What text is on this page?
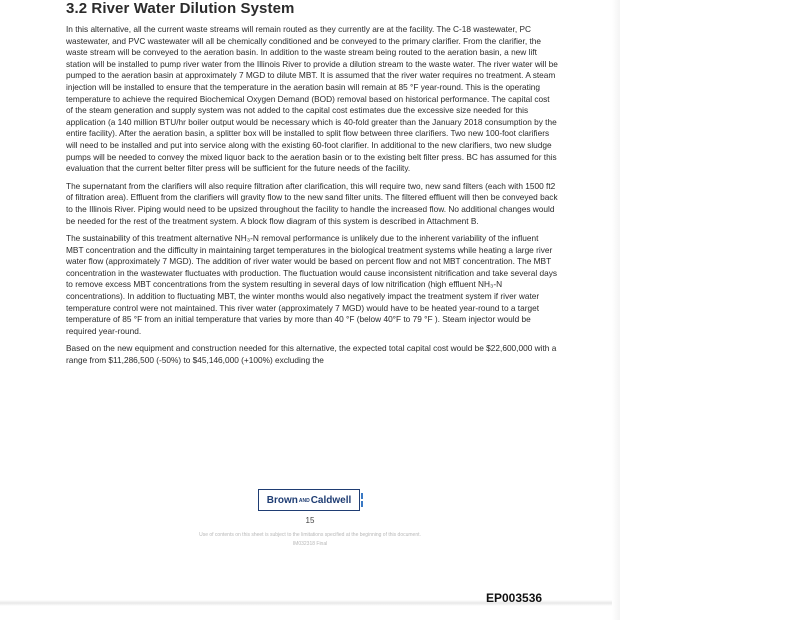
3.2 River Water Dilution System

In this alternative, all the current waste streams will remain routed as they currently are at the facility. The C-18 wastewater, PC wastewater, and PVC wastewater will all be chemically conditioned and be conveyed to the primary clarifier. From the clarifier, the waste stream will be conveyed to the aeration basin. In addition to the waste stream being routed to the aeration basin, a new lift station will be installed to pump river water from the Illinois River to provide a dilution stream to the waste water. The river water will be pumped to the aeration basin at approximately 7 MGD to dilute MBT. It is assumed that the river water requires no treatment. A steam injection will be installed to ensure that the temperature in the aeration basin will remain at 85 °F year-round. This is the operating temperature to achieve the required Biochemical Oxygen Demand (BOD) removal based on historical performance. The capital cost of the steam generation and supply system was not added to the capital cost estimates due the excessive size needed for this application (a 140 million BTU/hr boiler output would be necessary which is 40-fold greater than the January 2018 consumption by the entire facility). After the aeration basin, a splitter box will be installed to split flow between three clarifiers. Two new 100-foot clarifiers will need to be installed and put into service along with the existing 60-foot clarifier. In additional to the new clarifiers, two new sludge pumps will be needed to convey the mixed liquor back to the aeration basin or to the existing belt filter press. BC has assumed for this evaluation that the current belter filter press will be sufficient for the future needs of the facility.

The supernatant from the clarifiers will also require filtration after clarification, this will require two, new sand filters (each with 1500 ft2 of filtration area). Effluent from the clarifiers will gravity flow to the new sand filter units. The filtered effluent will then be conveyed back to the Illinois River. Piping would need to be upsized throughout the facility to handle the increased flow. No additional changes would be needed for the rest of the treatment system. A block flow diagram of this system is described in Attachment B.

The sustainability of this treatment alternative NH₃-N removal performance is unlikely due to the inherent variability of the influent MBT concentration and the difficulty in maintaining target temperatures in the biological treatment systems while heating a large river water flow (approximately 7 MGD). The addition of river water would be based on percent flow and not MBT concentration. The MBT concentration in the wastewater fluctuates with production. The fluctuation would cause inconsistent nitrification and take several days to remove excess MBT concentrations from the system resulting in several days of low nitrification (high effluent NH₃-N concentrations). In addition to fluctuating MBT, the winter months would also negatively impact the treatment system if river water temperature control were not maintained. This river water (approximately 7 MGD) would have to be heated year-round to a target temperature of 85 °F from an initial temperature that varies by more than 40 °F (below 40°F to 79 °F ). Steam injector would be required year-round.

Based on the new equipment and construction needed for this alternative, the expected total capital cost would be $22,600,000 with a range from $11,286,500 (-50%) to $45,146,000 (+100%) excluding the

Brown AND Caldwell
15
Use of contents on this sheet is subject to the limitations specified at the beginning of this document.
IM032318 Final
EP003536
